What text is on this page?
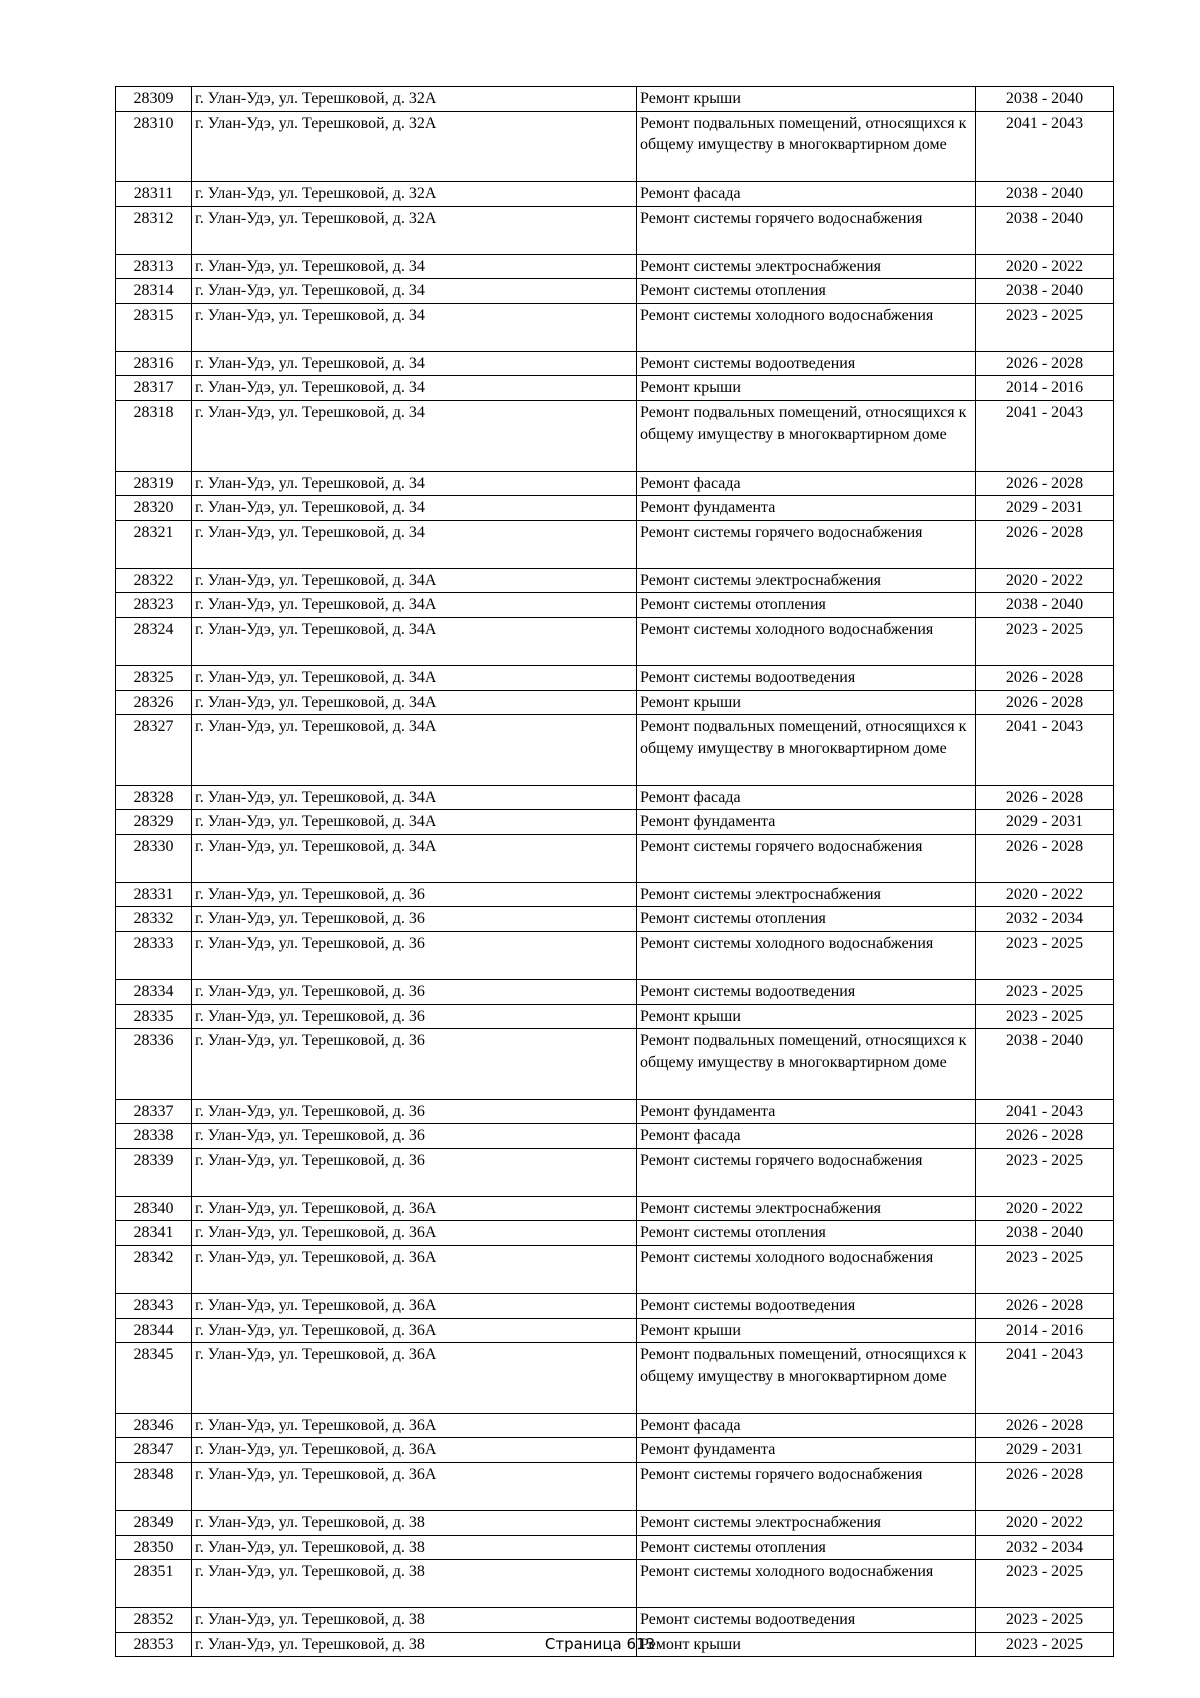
28309	г. Улан-Удэ, ул. Терешковой, д. 32А	Ремонт крыши	2038 - 2040
28310	г. Улан-Удэ, ул. Терешковой, д. 32А	Ремонт подвальных помещений, относящихся к общему имуществу в многоквартирном доме	2041 - 2043
28311	г. Улан-Удэ, ул. Терешковой, д. 32А	Ремонт фасада	2038 - 2040
28312	г. Улан-Удэ, ул. Терешковой, д. 32А	Ремонт системы горячего водоснабжения	2038 - 2040
28313	г. Улан-Удэ, ул. Терешковой, д. 34	Ремонт системы электроснабжения	2020 - 2022
28314	г. Улан-Удэ, ул. Терешковой, д. 34	Ремонт системы отопления	2038 - 2040
28315	г. Улан-Удэ, ул. Терешковой, д. 34	Ремонт системы холодного водоснабжения	2023 - 2025
28316	г. Улан-Удэ, ул. Терешковой, д. 34	Ремонт системы водоотведения	2026 - 2028
28317	г. Улан-Удэ, ул. Терешковой, д. 34	Ремонт крыши	2014 - 2016
28318	г. Улан-Удэ, ул. Терешковой, д. 34	Ремонт подвальных помещений, относящихся к общему имуществу в многоквартирном доме	2041 - 2043
28319	г. Улан-Удэ, ул. Терешковой, д. 34	Ремонт фасада	2026 - 2028
28320	г. Улан-Удэ, ул. Терешковой, д. 34	Ремонт фундамента	2029 - 2031
28321	г. Улан-Удэ, ул. Терешковой, д. 34	Ремонт системы горячего водоснабжения	2026 - 2028
28322	г. Улан-Удэ, ул. Терешковой, д. 34А	Ремонт системы электроснабжения	2020 - 2022
28323	г. Улан-Удэ, ул. Терешковой, д. 34А	Ремонт системы отопления	2038 - 2040
28324	г. Улан-Удэ, ул. Терешковой, д. 34А	Ремонт системы холодного водоснабжения	2023 - 2025
28325	г. Улан-Удэ, ул. Терешковой, д. 34А	Ремонт системы водоотведения	2026 - 2028
28326	г. Улан-Удэ, ул. Терешковой, д. 34А	Ремонт крыши	2026 - 2028
28327	г. Улан-Удэ, ул. Терешковой, д. 34А	Ремонт подвальных помещений, относящихся к общему имуществу в многоквартирном доме	2041 - 2043
28328	г. Улан-Удэ, ул. Терешковой, д. 34А	Ремонт фасада	2026 - 2028
28329	г. Улан-Удэ, ул. Терешковой, д. 34А	Ремонт фундамента	2029 - 2031
28330	г. Улан-Удэ, ул. Терешковой, д. 34А	Ремонт системы горячего водоснабжения	2026 - 2028
28331	г. Улан-Удэ, ул. Терешковой, д. 36	Ремонт системы электроснабжения	2020 - 2022
28332	г. Улан-Удэ, ул. Терешковой, д. 36	Ремонт системы отопления	2032 - 2034
28333	г. Улан-Удэ, ул. Терешковой, д. 36	Ремонт системы холодного водоснабжения	2023 - 2025
28334	г. Улан-Удэ, ул. Терешковой, д. 36	Ремонт системы водоотведения	2023 - 2025
28335	г. Улан-Удэ, ул. Терешковой, д. 36	Ремонт крыши	2023 - 2025
28336	г. Улан-Удэ, ул. Терешковой, д. 36	Ремонт подвальных помещений, относящихся к общему имуществу в многоквартирном доме	2038 - 2040
28337	г. Улан-Удэ, ул. Терешковой, д. 36	Ремонт фундамента	2041 - 2043
28338	г. Улан-Удэ, ул. Терешковой, д. 36	Ремонт фасада	2026 - 2028
28339	г. Улан-Удэ, ул. Терешковой, д. 36	Ремонт системы горячего водоснабжения	2023 - 2025
28340	г. Улан-Удэ, ул. Терешковой, д. 36А	Ремонт системы электроснабжения	2020 - 2022
28341	г. Улан-Удэ, ул. Терешковой, д. 36А	Ремонт системы отопления	2038 - 2040
28342	г. Улан-Удэ, ул. Терешковой, д. 36А	Ремонт системы холодного водоснабжения	2023 - 2025
28343	г. Улан-Удэ, ул. Терешковой, д. 36А	Ремонт системы водоотведения	2026 - 2028
28344	г. Улан-Удэ, ул. Терешковой, д. 36А	Ремонт крыши	2014 - 2016
28345	г. Улан-Удэ, ул. Терешковой, д. 36А	Ремонт подвальных помещений, относящихся к общему имуществу в многоквартирном доме	2041 - 2043
28346	г. Улан-Удэ, ул. Терешковой, д. 36А	Ремонт фасада	2026 - 2028
28347	г. Улан-Удэ, ул. Терешковой, д. 36А	Ремонт фундамента	2029 - 2031
28348	г. Улан-Удэ, ул. Терешковой, д. 36А	Ремонт системы горячего водоснабжения	2026 - 2028
28349	г. Улан-Удэ, ул. Терешковой, д. 38	Ремонт системы электроснабжения	2020 - 2022
28350	г. Улан-Удэ, ул. Терешковой, д. 38	Ремонт системы отопления	2032 - 2034
28351	г. Улан-Удэ, ул. Терешковой, д. 38	Ремонт системы холодного водоснабжения	2023 - 2025
28352	г. Улан-Удэ, ул. Терешковой, д. 38	Ремонт системы водоотведения	2023 - 2025
28353	г. Улан-Удэ, ул. Терешковой, д. 38	Ремонт крыши	2023 - 2025
Страница 613
